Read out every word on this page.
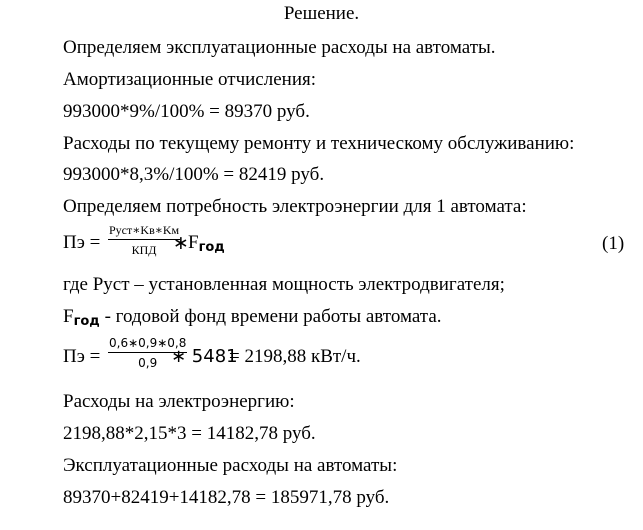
Решение.
Определяем эксплуатационные расходы на автоматы.
Амортизационные отчисления:
993000*9%/100% = 89370 руб.
Расходы по текущему ремонту и техническому обслуживанию:
993000*8,3%/100% = 82419 руб.
Определяем потребность электроэнергии для 1 автомата:
Пэ =
Pуст∗Kв∗Kм
КПД ∗ Fгод	(1)
где Pуст – установленная мощность электродвигателя;
Fгод - годовой фонд времени работы автомата.
Пэ =
0,6∗0,9∗0,8
0,9 ∗ 5481
= 2198,88 кВт/ч.
Расходы на электроэнергию:
2198,88*2,15*3 = 14182,78 руб.
Эксплуатационные расходы на автоматы:
89370+82419+14182,78 = 185971,78 руб.
